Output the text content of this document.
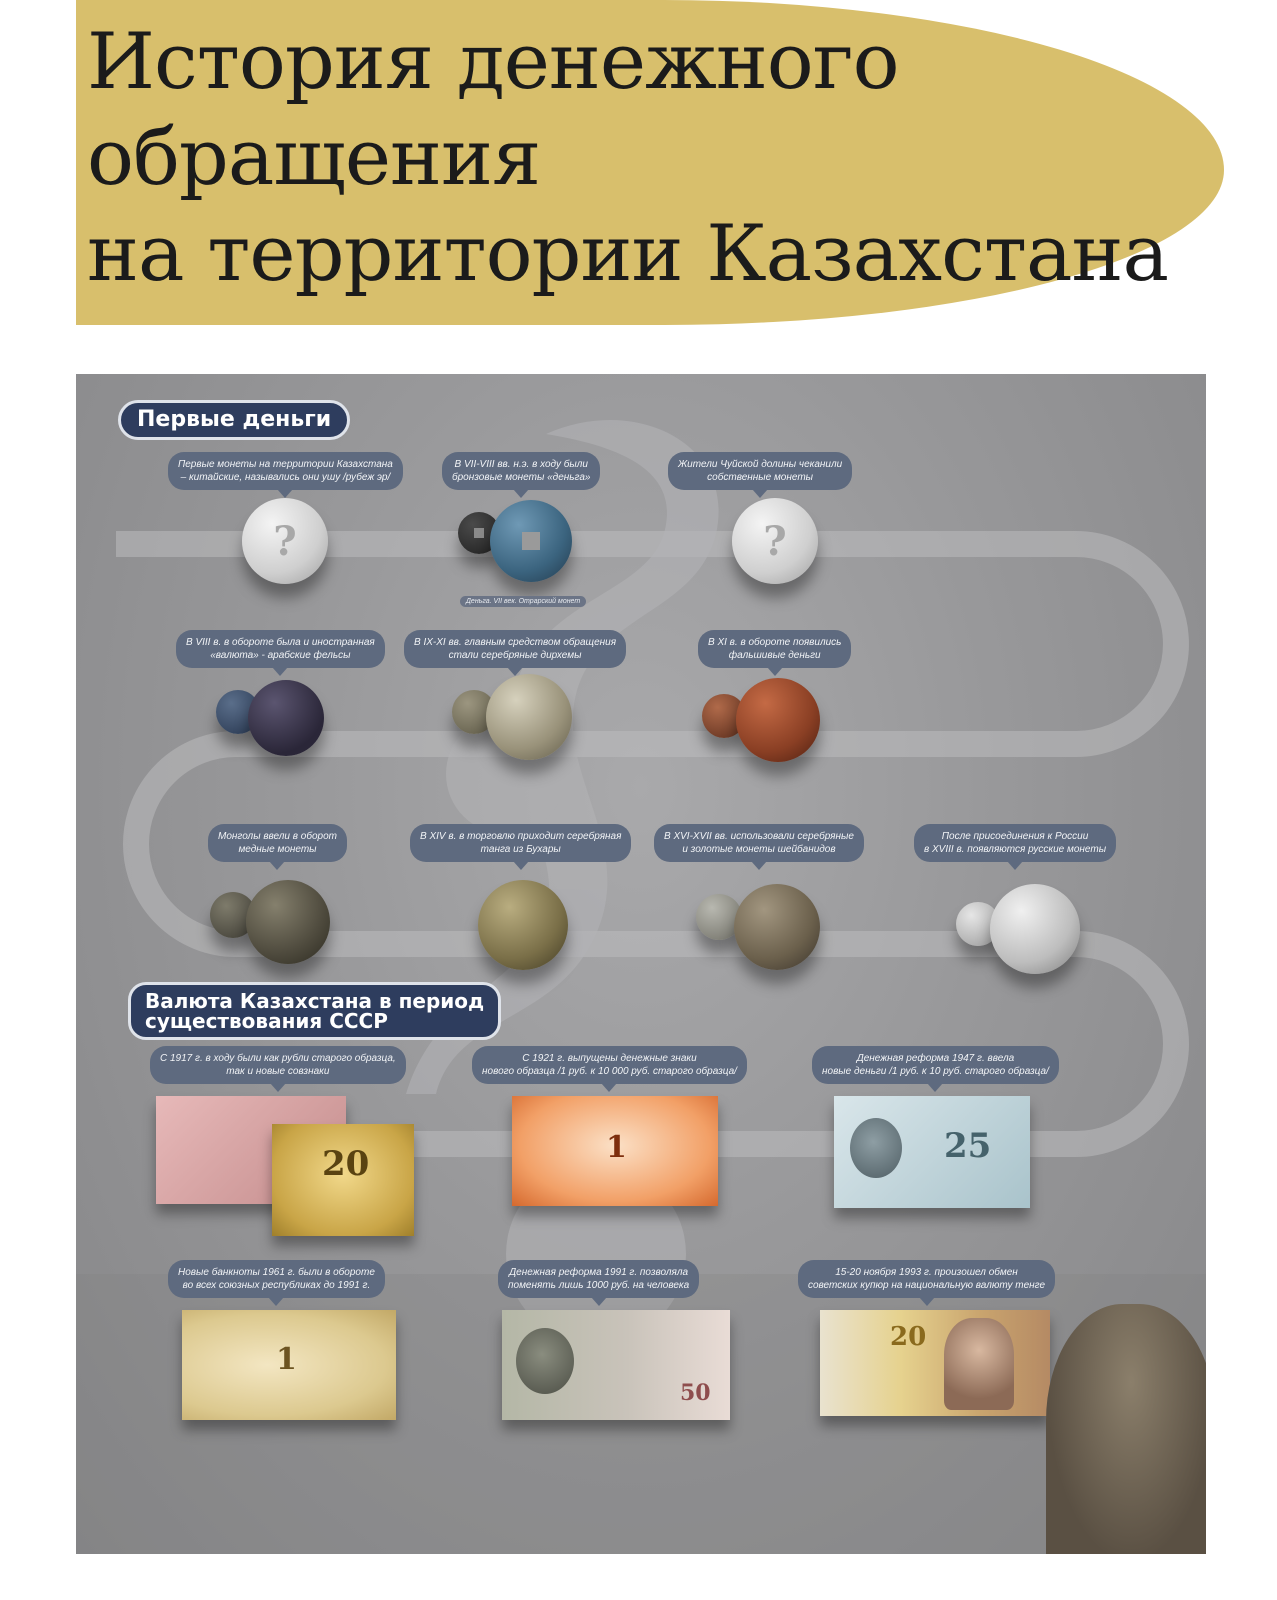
История денежного
обращения
на территории Казахстана
Первые деньги
Первые монеты на территории Казахстана
– китайские, назывались они ушу /рубеж эр/
?
В VII-VIII вв. н.э. в ходу были
бронзовые монеты «деньга»
Деньга. VII век. Отрарский монет
Жители Чуйской долины чеканили
собственные монеты
?
В VIII в. в обороте была и иностранная
«валюта» - арабские фельсы
В IX-XI вв. главным средством обращения
стали серебряные дирхемы
В XI в. в обороте появились
фальшивые деньги
Монголы ввели в оборот
медные монеты
В XIV в. в торговлю приходит серебряная
танга из Бухары
В XVI-XVII вв. использовали серебряные
и золотые монеты шейбанидов
После присоединения к России
в XVIII в. появляются русские монеты
Валюта Казахстана в период
существования СССР
С 1917 г. в ходу были как рубли старого образца,
так и новые совзнаки
20
С 1921 г. выпущены денежные знаки
нового образца /1 руб. к 10 000 руб. старого образца/
1
Денежная реформа 1947 г. ввела
новые деньги /1 руб. к 10 руб. старого образца/
25
Новые банкноты 1961 г. были в обороте
во всех союзных республиках до 1991 г.
1
Денежная реформа 1991 г. позволяла
поменять лишь 1000 руб. на человека
50
15-20 ноября 1993 г. произошел обмен
советских купюр на национальную валюту тенге
20
